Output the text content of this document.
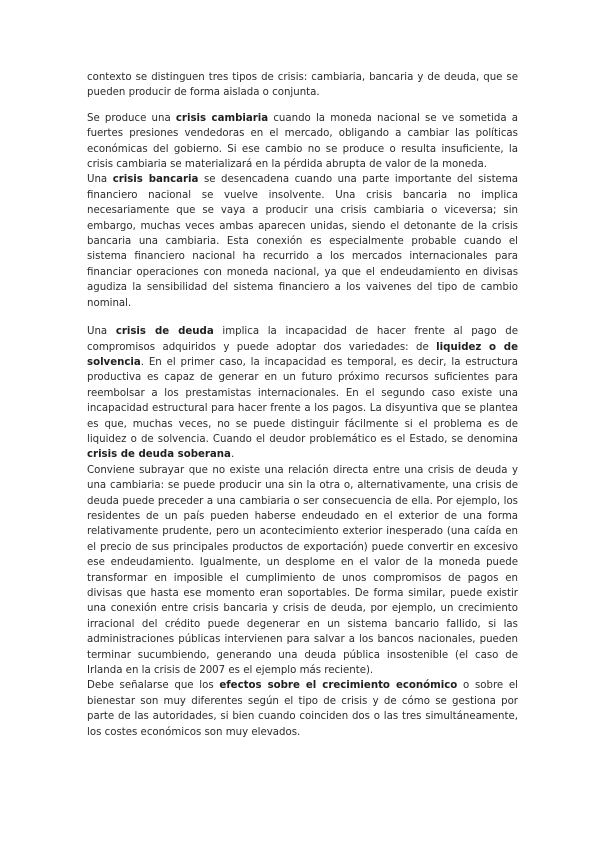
contexto se distinguen tres tipos de crisis: cambiaria, bancaria y de deuda, que se pueden producir de forma aislada o conjunta.

Se produce una crisis cambiaria cuando la moneda nacional se ve sometida a fuertes presiones vendedoras en el mercado, obligando a cambiar las políticas económicas del gobierno. Si ese cambio no se produce o resulta insuficiente, la crisis cambiaria se materializará en la pérdida abrupta de valor de la moneda.

Una crisis bancaria se desencadena cuando una parte importante del sistema financiero nacional se vuelve insolvente. Una crisis bancaria no implica necesariamente que se vaya a producir una crisis cambiaria o viceversa; sin embargo, muchas veces ambas aparecen unidas, siendo el detonante de la crisis bancaria una cambiaria. Esta conexión es especialmente probable cuando el sistema financiero nacional ha recurrido a los mercados internacionales para financiar operaciones con moneda nacional, ya que el endeudamiento en divisas agudiza la sensibilidad del sistema financiero a los vaivenes del tipo de cambio nominal.

Una crisis de deuda implica la incapacidad de hacer frente al pago de compromisos adquiridos y puede adoptar dos variedades: de liquidez o de solvencia. En el primer caso, la incapacidad es temporal, es decir, la estructura productiva es capaz de generar en un futuro próximo recursos suficientes para reembolsar a los prestamistas internacionales. En el segundo caso existe una incapacidad estructural para hacer frente a los pagos. La disyuntiva que se plantea es que, muchas veces, no se puede distinguir fácilmente si el problema es de liquidez o de solvencia. Cuando el deudor problemático es el Estado, se denomina crisis de deuda soberana.

Conviene subrayar que no existe una relación directa entre una crisis de deuda y una cambiaria: se puede producir una sin la otra o, alternativamente, una crisis de deuda puede preceder a una cambiaria o ser consecuencia de ella. Por ejemplo, los residentes de un país pueden haberse endeudado en el exterior de una forma relativamente prudente, pero un acontecimiento exterior inesperado (una caída en el precio de sus principales productos de exportación) puede convertir en excesivo ese endeudamiento. Igualmente, un desplome en el valor de la moneda puede transformar en imposible el cumplimiento de unos compromisos de pagos en divisas que hasta ese momento eran soportables. De forma similar, puede existir una conexión entre crisis bancaria y crisis de deuda, por ejemplo, un crecimiento irracional del crédito puede degenerar en un sistema bancario fallido, si las administraciones públicas intervienen para salvar a los bancos nacionales, pueden terminar sucumbiendo, generando una deuda pública insostenible (el caso de Irlanda en la crisis de 2007 es el ejemplo más reciente).

Debe señalarse que los efectos sobre el crecimiento económico o sobre el bienestar son muy diferentes según el tipo de crisis y de cómo se gestiona por parte de las autoridades, si bien cuando coinciden dos o las tres simultáneamente, los costes económicos son muy elevados.
